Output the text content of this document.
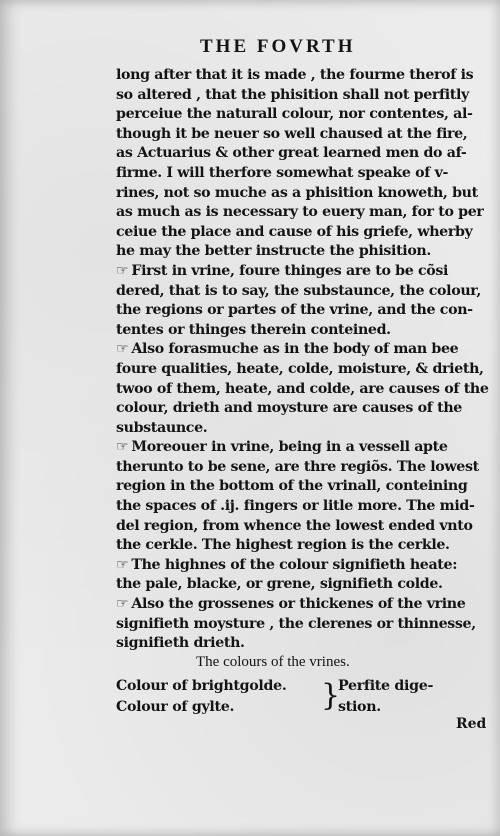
THE FOVRTH
long after that it is made , the fourme therof is
so altered , that the phisition shall not perfitly
perceiue the naturall colour, nor contentes, al-
though it be neuer so well chaused at the fire,
as Actuarius & other great learned men do af-
firme. I will therfore somewhat speake of v-
rines, not so muche as a phisition knoweth, but
as much as is necessary to euery man, for to per
ceiue the place and cause of his griefe, wherby
he may the better instructe the phisition.
☞ First in vrine, foure thinges are to be cõsi
dered, that is to say, the substaunce, the colour,
the regions or partes of the vrine, and the con-
tentes or thinges therein conteined.
☞ Also forasmuche as in the body of man bee
foure qualities, heate, colde, moisture, & drieth,
twoo of them, heate, and colde, are causes of the
colour, drieth and moysture are causes of the
substaunce.
☞ Moreouer in vrine, being in a vessell apte
therunto to be sene, are thre regiõs. The lowest
region in the bottom of the vrinall, conteining
the spaces of .ij. fingers or litle more. The mid-
del region, from whence the lowest ended vnto
the cerkle. The highest region is the cerkle.
☞ The highnes of the colour signifieth heate:
the pale, blacke, or grene, signifieth colde.
☞ Also the grossenes or thickenes of the vrine
signifieth moysture , the clerenes or thinnesse,
signifieth drieth.
The colours of the vrines.
Colour of brightgolde.
Colour of gylte.	}
Perfite dige-
stion.
Red
